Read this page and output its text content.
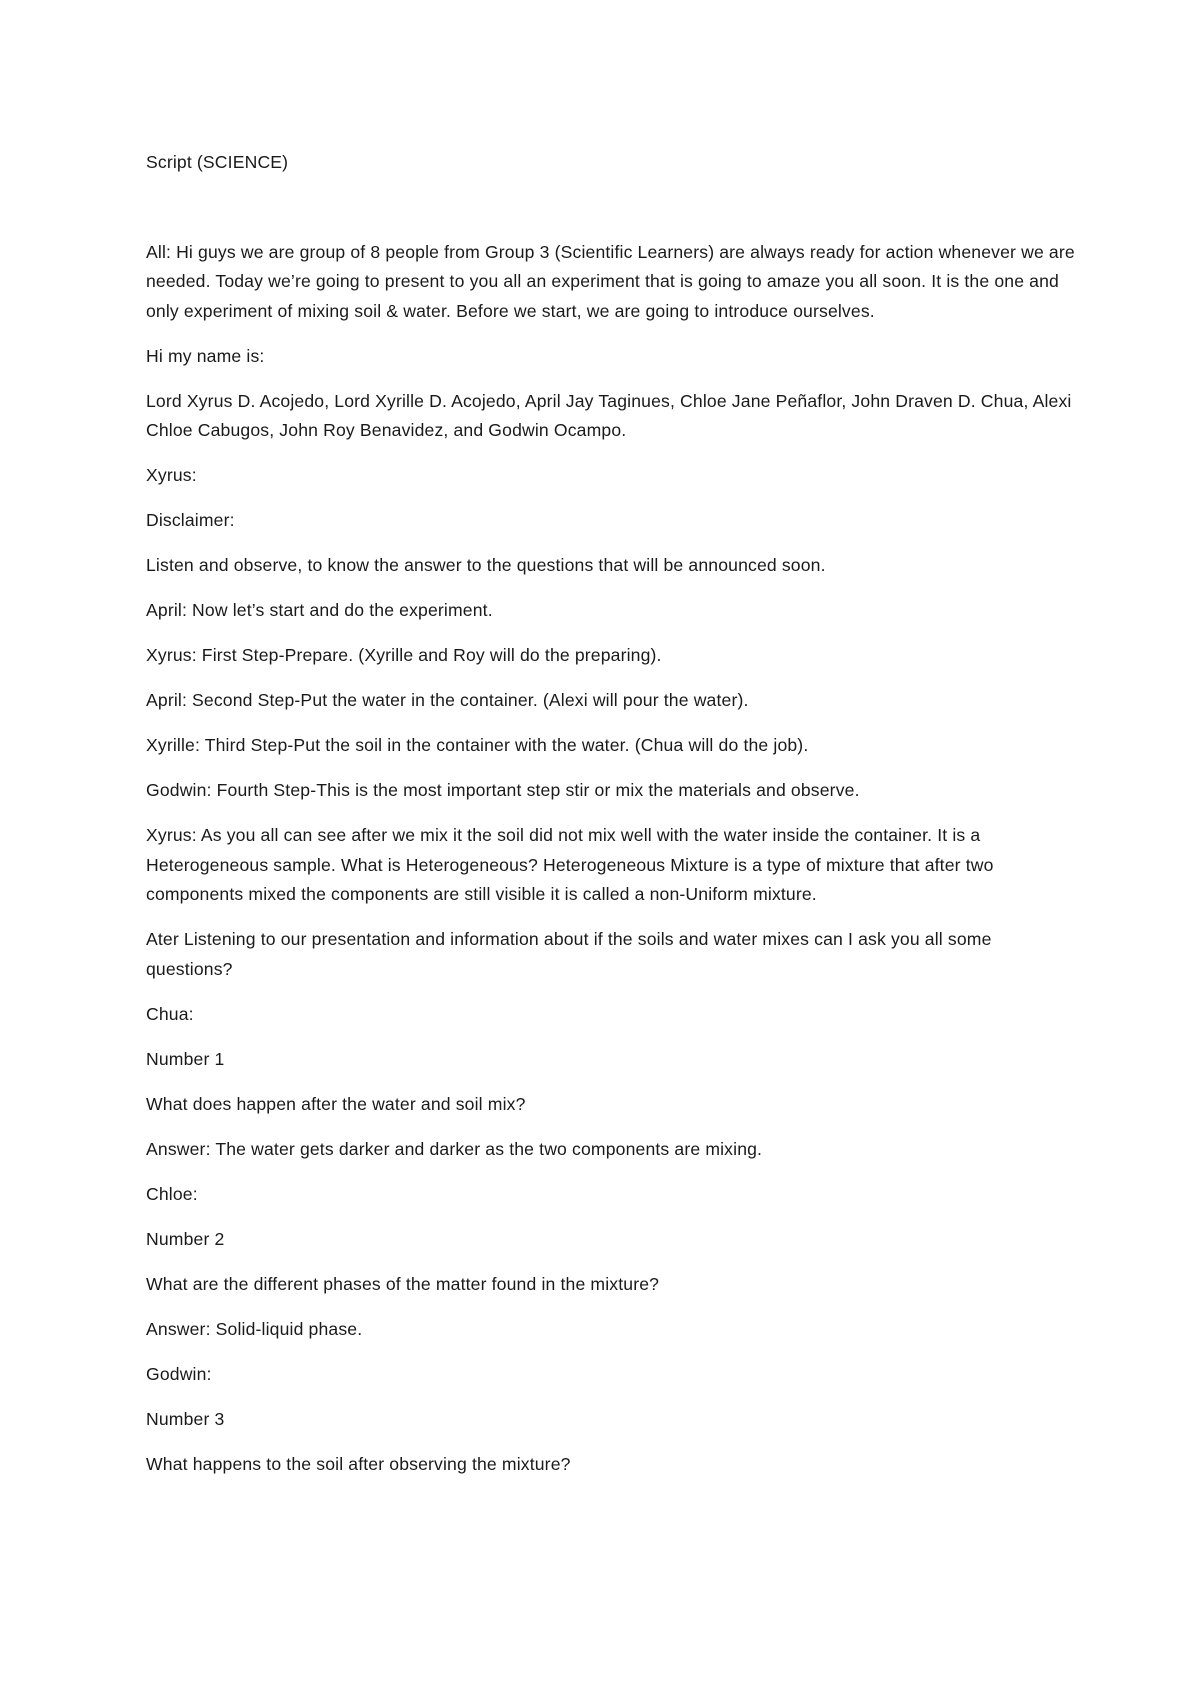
Script (SCIENCE)

All: Hi guys we are group of 8 people from Group 3 (Scientific Learners) are always ready for action whenever we are needed. Today we’re going to present to you all an experiment that is going to amaze you all soon. It is the one and only experiment of mixing soil & water. Before we start, we are going to introduce ourselves.

Hi my name is:

Lord Xyrus D. Acojedo, Lord Xyrille D. Acojedo, April Jay Taginues, Chloe Jane Peñaflor, John Draven D. Chua, Alexi Chloe Cabugos, John Roy Benavidez, and Godwin Ocampo.

Xyrus:

Disclaimer:

Listen and observe, to know the answer to the questions that will be announced soon.

April: Now let’s start and do the experiment.

Xyrus: First Step-Prepare. (Xyrille and Roy will do the preparing).

April: Second Step-Put the water in the container. (Alexi will pour the water).

Xyrille: Third Step-Put the soil in the container with the water. (Chua will do the job).

Godwin: Fourth Step-This is the most important step stir or mix the materials and observe.

Xyrus: As you all can see after we mix it the soil did not mix well with the water inside the container. It is a Heterogeneous sample. What is Heterogeneous? Heterogeneous Mixture is a type of mixture that after two components mixed the components are still visible it is called a non-Uniform mixture.

Ater Listening to our presentation and information about if the soils and water mixes can I ask you all some questions?

Chua:

Number 1

What does happen after the water and soil mix?

Answer: The water gets darker and darker as the two components are mixing.

Chloe:

Number 2

What are the different phases of the matter found in the mixture?

Answer: Solid-liquid phase.

Godwin:

Number 3

What happens to the soil after observing the mixture?
